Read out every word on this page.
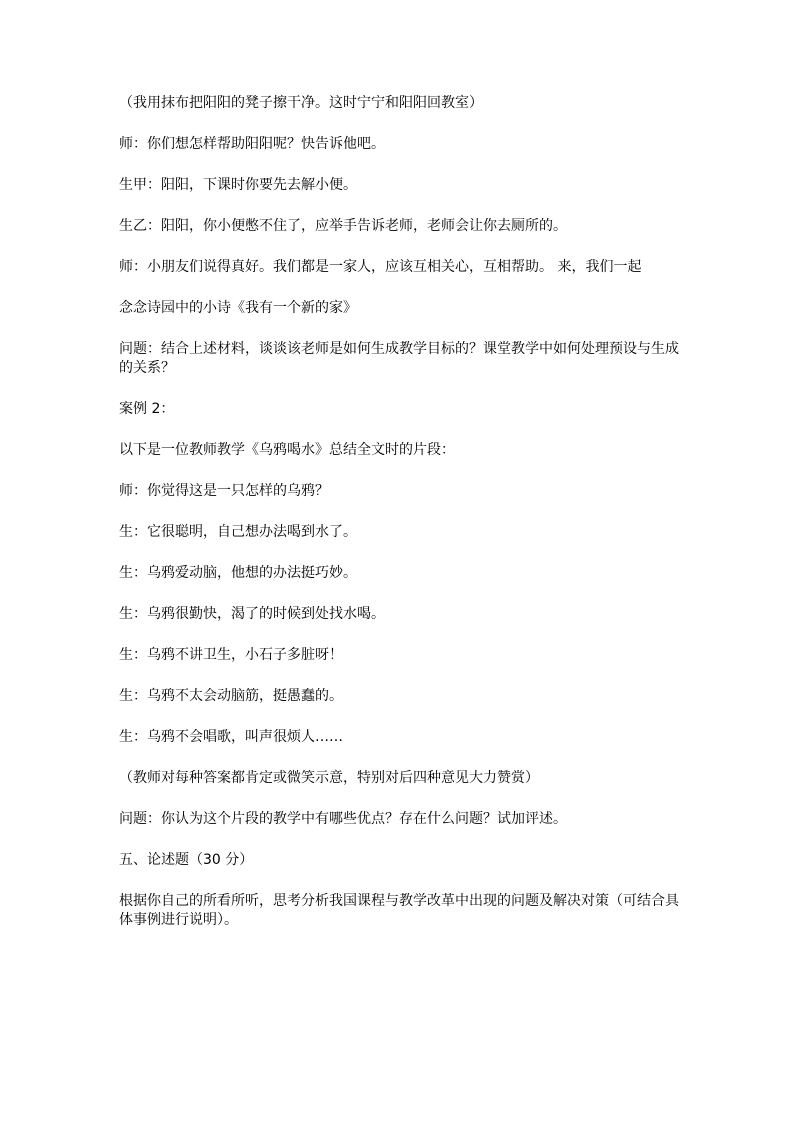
（我用抹布把阳阳的凳子擦干净。这时宁宁和阳阳回教室）

师：你们想怎样帮助阳阳呢？快告诉他吧。

生甲：阳阳，下课时你要先去解小便。

生乙：阳阳，你小便憋不住了，应举手告诉老师，老师会让你去厕所的。

师：小朋友们说得真好。我们都是一家人，应该互相关心，互相帮助。 来，我们一起

念念诗园中的小诗《我有一个新的家》

问题：结合上述材料，谈谈该老师是如何生成教学目标的？课堂教学中如何处理预设与生成的关系？

案例 2：

以下是一位教师教学《乌鸦喝水》总结全文时的片段：

师：你觉得这是一只怎样的乌鸦？

生：它很聪明，自己想办法喝到水了。

生：乌鸦爱动脑，他想的办法挺巧妙。

生：乌鸦很勤快，渴了的时候到处找水喝。

生：乌鸦不讲卫生，小石子多脏呀！

生：乌鸦不太会动脑筋，挺愚蠢的。

生：乌鸦不会唱歌，叫声很烦人……

（教师对每种答案都肯定或微笑示意，特别对后四种意见大力赞赏）

问题：你认为这个片段的教学中有哪些优点？存在什么问题？试加评述。

五、论述题（30 分）

根据你自己的所看所听，思考分析我国课程与教学改革中出现的问题及解决对策（可结合具体事例进行说明）。
